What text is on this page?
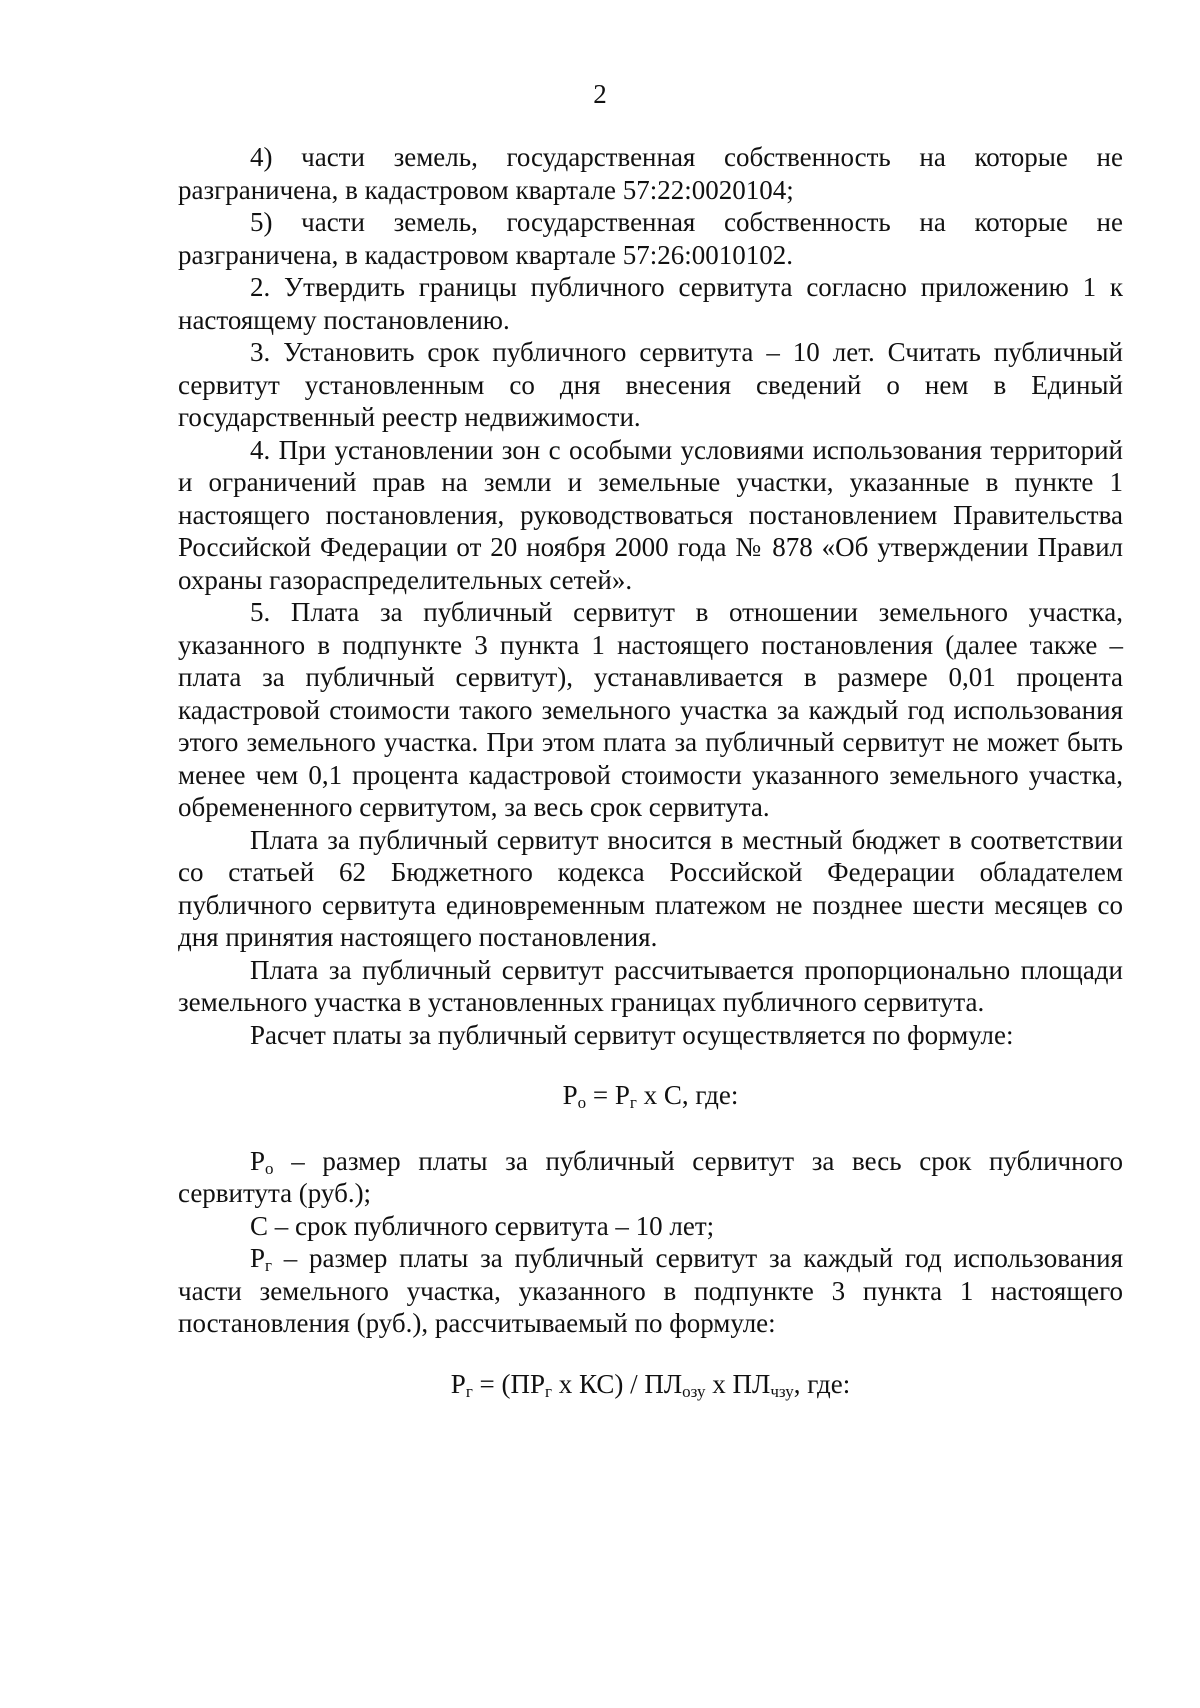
2

4) части земель, государственная собственность на которые не разграничена, в кадастровом квартале 57:22:0020104;

5) части земель, государственная собственность на которые не разграничена, в кадастровом квартале 57:26:0010102.

2. Утвердить границы публичного сервитута согласно приложению 1 к настоящему постановлению.

3. Установить срок публичного сервитута – 10 лет. Считать публичный сервитут установленным со дня внесения сведений о нем в Единый государственный реестр недвижимости.

4. При установлении зон с особыми условиями использования территорий и ограничений прав на земли и земельные участки, указанные в пункте 1 настоящего постановления, руководствоваться постановлением Правительства Российской Федерации от 20 ноября 2000 года № 878 «Об утверждении Правил охраны газораспределительных сетей».

5. Плата за публичный сервитут в отношении земельного участка, указанного в подпункте 3 пункта 1 настоящего постановления (далее также – плата за публичный сервитут), устанавливается в размере 0,01 процента кадастровой стоимости такого земельного участка за каждый год использования этого земельного участка. При этом плата за публичный сервитут не может быть менее чем 0,1 процента кадастровой стоимости указанного земельного участка, обремененного сервитутом, за весь срок сервитута.

Плата за публичный сервитут вносится в местный бюджет в соответствии со статьей 62 Бюджетного кодекса Российской Федерации обладателем публичного сервитута единовременным платежом не позднее шести месяцев со дня принятия настоящего постановления.

Плата за публичный сервитут рассчитывается пропорционально площади земельного участка в установленных границах публичного сервитута.

Расчет платы за публичный сервитут осуществляется по формуле:

$Р_о = Р_г$ х С, где:

$Р_о$ – размер платы за публичный сервитут за весь срок публичного сервитута (руб.);

С – срок публичного сервитута – 10 лет;

$Р_г$ – размер платы за публичный сервитут за каждый год использования части земельного участка, указанного в подпункте 3 пункта 1 настоящего постановления (руб.), рассчитываемый по формуле:

$Р_г = (ПР_г$ х $КС) / ПЛ_{озу}$ х $ПЛ_{чзу}$, где:
